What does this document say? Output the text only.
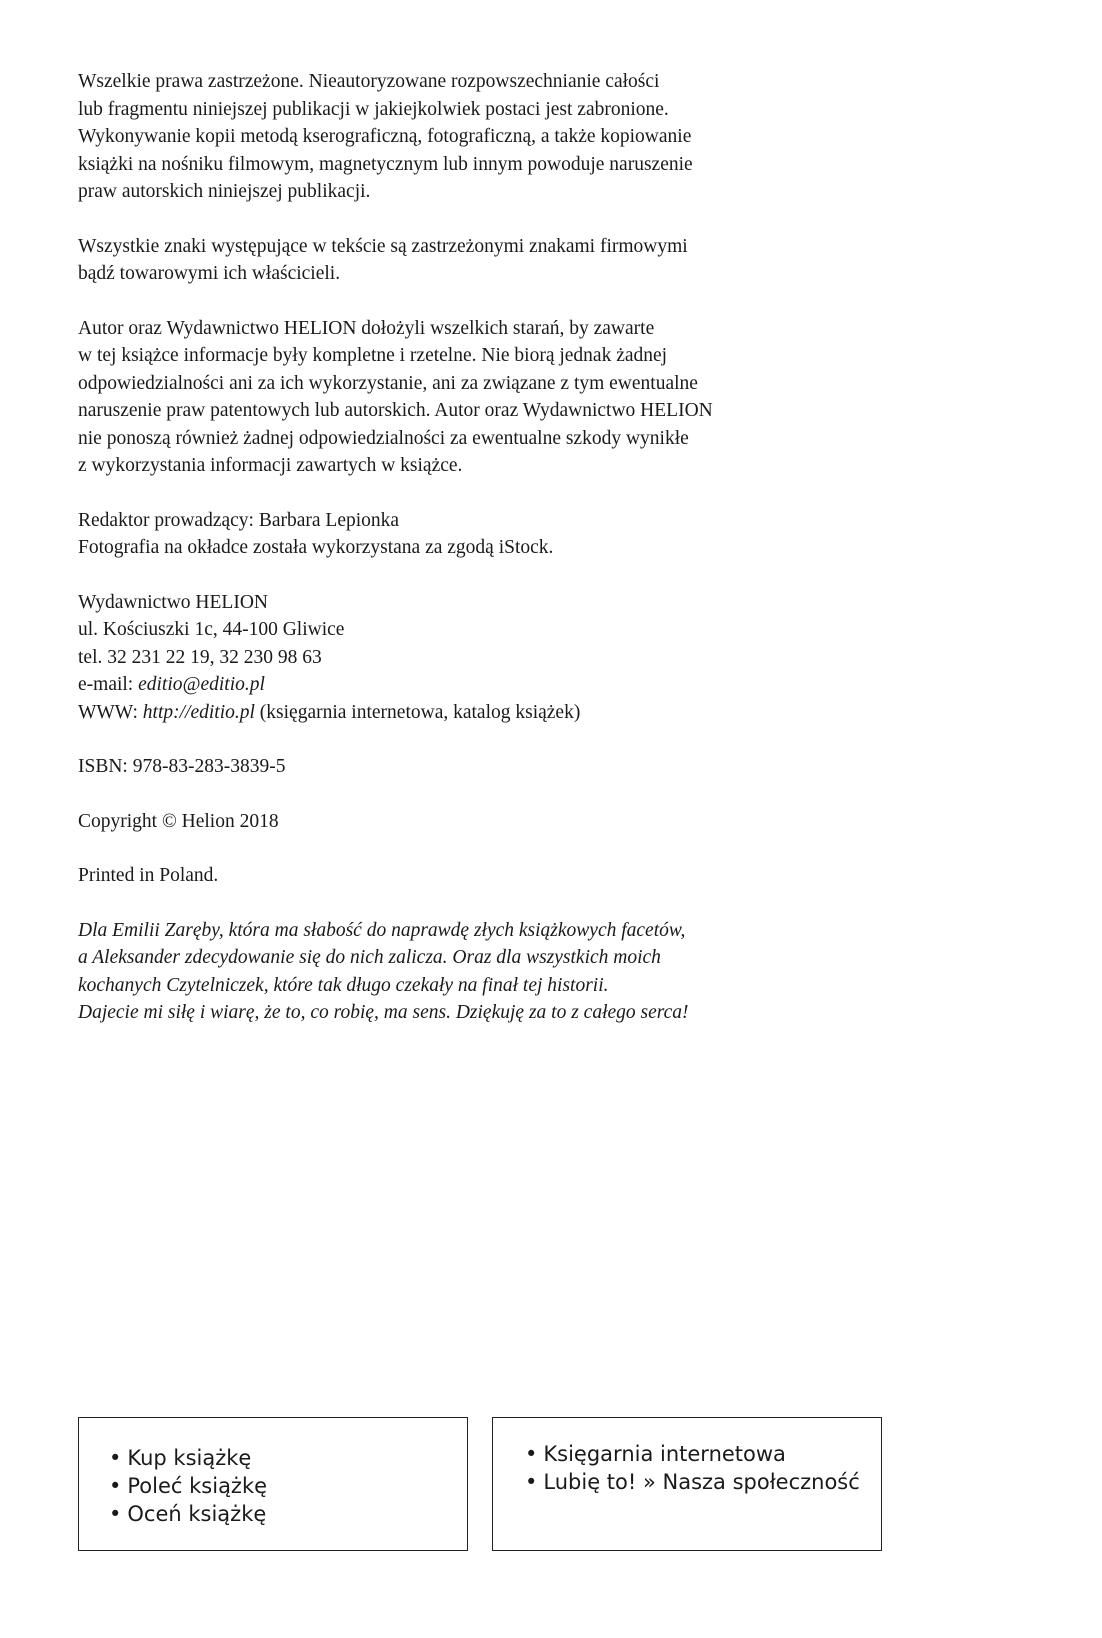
Wszelkie prawa zastrzeżone. Nieautoryzowane rozpowszechnianie całości
lub fragmentu niniejszej publikacji w jakiejkolwiek postaci jest zabronione.
Wykonywanie kopii metodą kserograficzną, fotograficzną, a także kopiowanie
książki na nośniku filmowym, magnetycznym lub innym powoduje naruszenie
praw autorskich niniejszej publikacji.

Wszystkie znaki występujące w tekście są zastrzeżonymi znakami firmowymi
bądź towarowymi ich właścicieli.

Autor oraz Wydawnictwo HELION dołożyli wszelkich starań, by zawarte
w tej książce informacje były kompletne i rzetelne. Nie biorą jednak żadnej
odpowiedzialności ani za ich wykorzystanie, ani za związane z tym ewentualne
naruszenie praw patentowych lub autorskich. Autor oraz Wydawnictwo HELION
nie ponoszą również żadnej odpowiedzialności za ewentualne szkody wynikłe
z wykorzystania informacji zawartych w książce.

Redaktor prowadzący: Barbara Lepionka
Fotografia na okładce została wykorzystana za zgodą iStock.

Wydawnictwo HELION
ul. Kościuszki 1c, 44-100 Gliwice
tel. 32 231 22 19, 32 230 98 63
e-mail: editio@editio.pl
WWW: http://editio.pl (księgarnia internetowa, katalog książek)

ISBN: 978-83-283-3839-5

Copyright © Helion 2018

Printed in Poland.

Dla Emilii Zaręby, która ma słabość do naprawdę złych książkowych facetów,
a Aleksander zdecydowanie się do nich zalicza. Oraz dla wszystkich moich
kochanych Czytelniczek, które tak długo czekały na finał tej historii.
Dajecie mi siłę i wiarę, że to, co robię, ma sens. Dziękuję za to z całego serca!

• Kup książkę
• Poleć książkę
• Oceń książkę
• Księgarnia internetowa
• Lubię to! » Nasza społeczność
